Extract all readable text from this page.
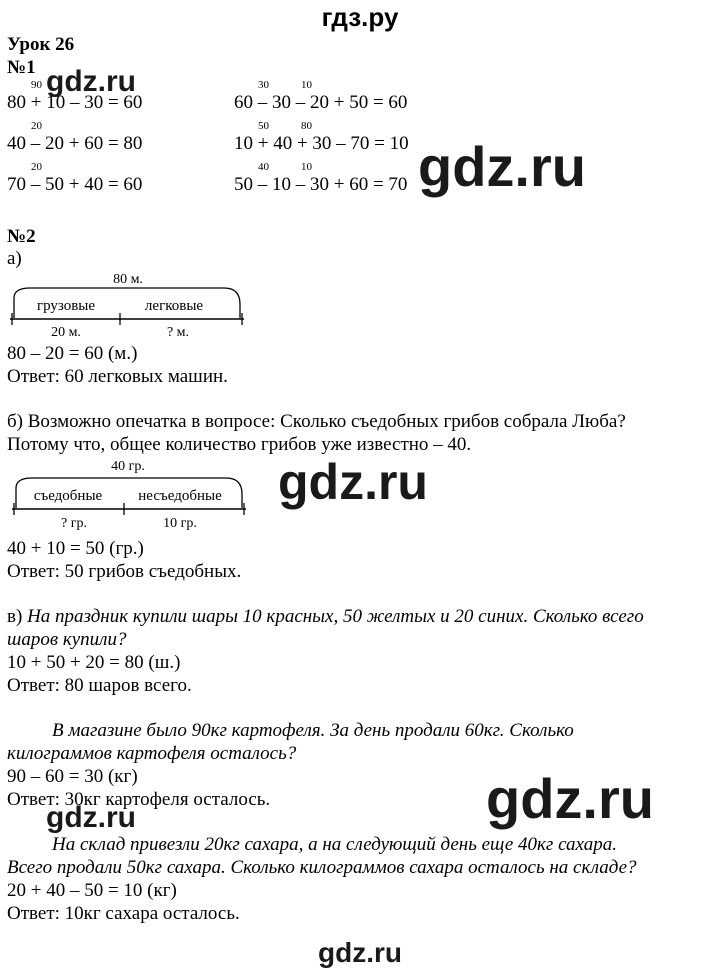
гдз.ру
Урок 26
№1
90
80 + 10 – 30 = 60
30	10
60 – 30 – 20 + 50 = 60
20
40 – 20 + 60 = 80
50	80
10 + 40 + 30 – 70 = 10
20
70 – 50 + 40 = 60
40	10
50 – 10 – 30 + 60 = 70
№2
а)
80 м.
грузовые	легковые
20 м.	? м.
80 – 20 = 60 (м.)
Ответ: 60 легковых машин.
б) Возможно опечатка в вопросе: Сколько съедобных грибов собрала Люба?
Потому что, общее количество грибов уже известно – 40.
40 гр.
съедобные несъедобные
? гр.	10 гр.
40 + 10 = 50 (гр.)
Ответ: 50 грибов съедобных.
в) На праздник купили шары 10 красных, 50 желтых и 20 синих. Сколько всего
шаров купили?
10 + 50 + 20 = 80 (ш.)
Ответ: 80 шаров всего.
В магазине было 90кг картофеля. За день продали 60кг. Сколько
килограммов картофеля осталось?
90 – 60 = 30 (кг)
Ответ: 30кг картофеля осталось.
На склад привезли 20кг сахара, а на следующий день еще 40кг сахара.
Всего продали 50кг сахара. Сколько килограммов сахара осталось на складе?
20 + 40 – 50 = 10 (кг)
Ответ: 10кг сахара осталось.
gdz.ru
gdz.ru
gdz.ru
gdz.ru
gdz.ru
gdz.ru
